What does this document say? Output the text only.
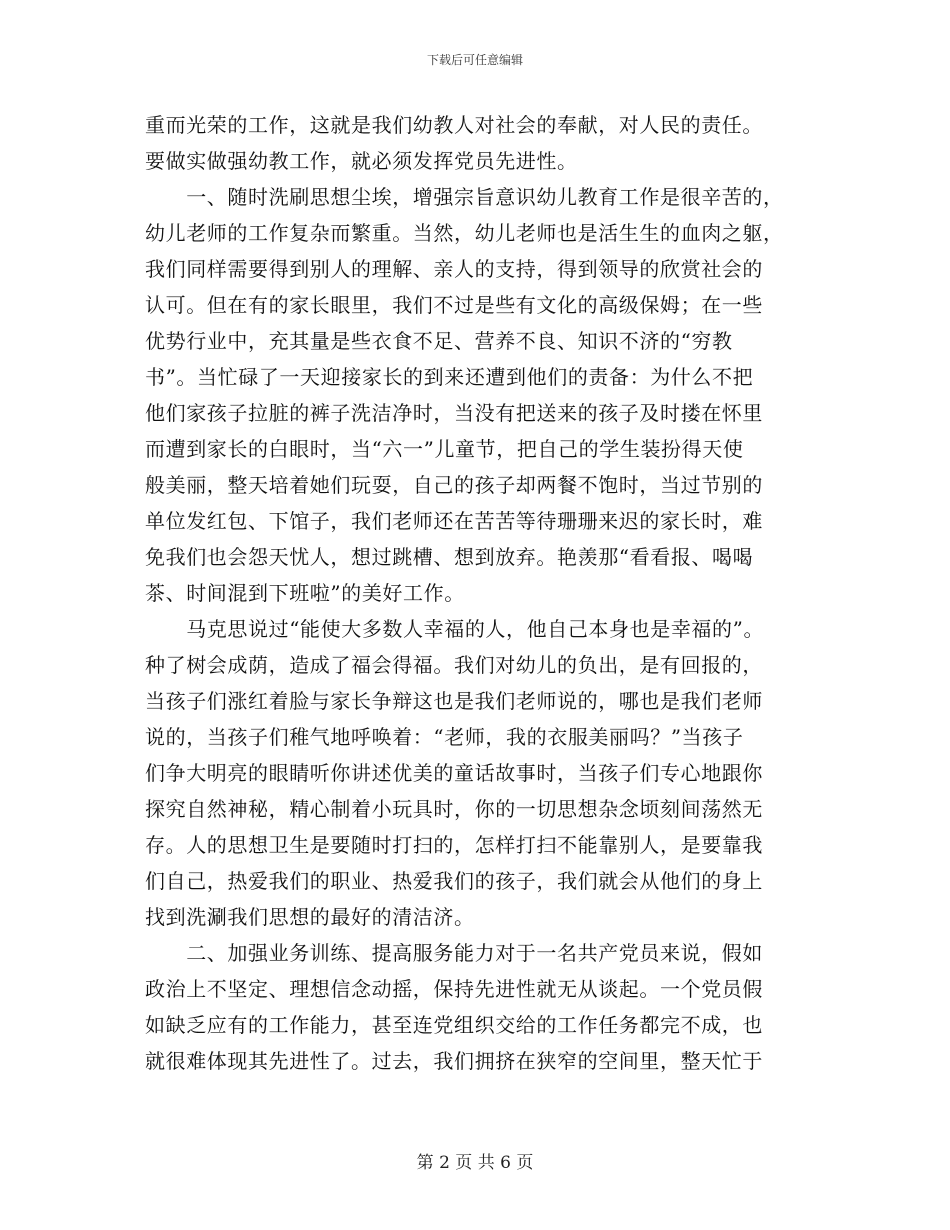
下载后可任意编辑
重而光荣的工作，这就是我们幼教人对社会的奉献，对人民的责任。
要做实做强幼教工作，就必须发挥党员先进性。
　　一、随时洗刷思想尘埃，增强宗旨意识幼儿教育工作是很辛苦的，
幼儿老师的工作复杂而繁重。当然，幼儿老师也是活生生的血肉之躯，
我们同样需要得到别人的理解、亲人的支持，得到领导的欣赏社会的
认可。但在有的家长眼里，我们不过是些有文化的高级保姆；在一些
优势行业中，充其量是些衣食不足、营养不良、知识不济的“穷教
书”。当忙碌了一天迎接家长的到来还遭到他们的责备：为什么不把
他们家孩子拉脏的裤子洗洁净时，当没有把送来的孩子及时搂在怀里
而遭到家长的白眼时，当“六一”儿童节，把自己的学生装扮得天使
般美丽，整天培着她们玩耍，自己的孩子却两餐不饱时，当过节别的
单位发红包、下馆子，我们老师还在苦苦等待珊珊来迟的家长时，难
免我们也会怨天忧人，想过跳槽、想到放弃。艳羡那“看看报、喝喝
茶、时间混到下班啦”的美好工作。
　　马克思说过“能使大多数人幸福的人，他自己本身也是幸福的”。
种了树会成荫，造成了福会得福。我们对幼儿的负出，是有回报的，
当孩子们涨红着脸与家长争辩这也是我们老师说的，哪也是我们老师
说的，当孩子们稚气地呼唤着：“老师，我的衣服美丽吗？”当孩子
们争大明亮的眼睛听你讲述优美的童话故事时，当孩子们专心地跟你
探究自然神秘，精心制着小玩具时，你的一切思想杂念顷刻间荡然无
存。人的思想卫生是要随时打扫的，怎样打扫不能靠别人，是要靠我
们自己，热爱我们的职业、热爱我们的孩子，我们就会从他们的身上
找到洗涮我们思想的最好的清洁济。
　　二、加强业务训练、提高服务能力对于一名共产党员来说，假如
政治上不坚定、理想信念动摇，保持先进性就无从谈起。一个党员假
如缺乏应有的工作能力，甚至连党组织交给的工作任务都完不成，也
就很难体现其先进性了。过去，我们拥挤在狭窄的空间里，整天忙于
第 2 页 共 6 页
